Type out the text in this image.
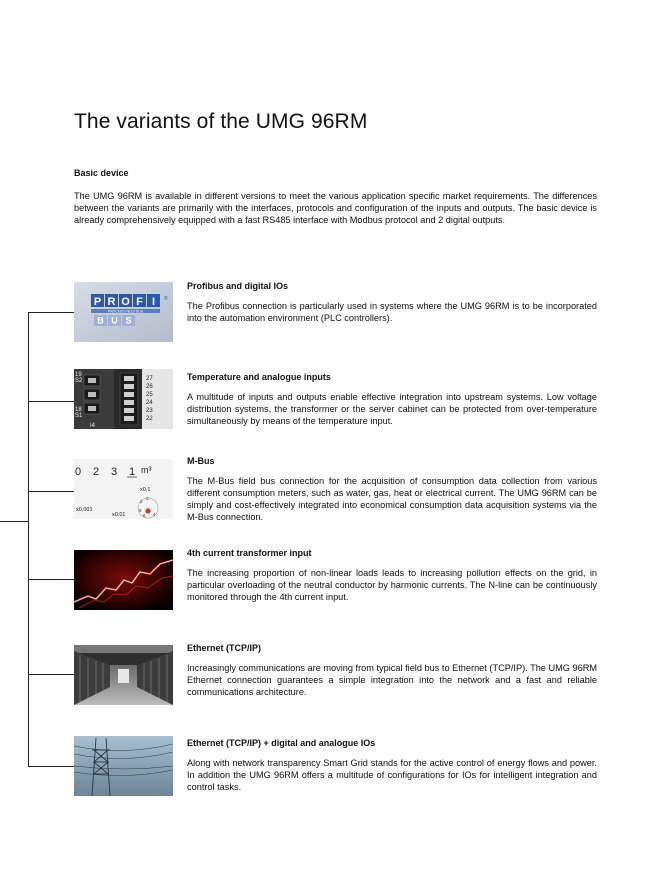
The variants of the UMG 96RM
Basic device

The UMG 96RM is available in different versions to meet the various application specific market requirements. The differences between the variants are primarily with the interfaces, protocols and configuration of the inputs and outputs. The basic device is already comprehensively equipped with a fast RS485 interface with Modbus protocol and 2 digital outputs.

P R O F I ®
PROCESS FIELD BUS
B U S
Profibus and digital IOs

The Profibus connection is particularly used in systems where the UMG 96RM is to be incorporated into the automation environment (PLC controllers).

19
S2
18
S1
I4
27
26
25
24
23
22
Temperature and analogue inputs

A multitude of inputs and outputs enable effective integration into upstream systems. Low voltage distribution systems, the transformer or the server cabinet can be protected from over-temperature simultaneously by means of the temperature input.

0 2 3 1 m³
x0,001
x0,01
x0,1
2
0
8
6 4
M-Bus

The M-Bus field bus connection for the acquisition of consumption data collection from various different consumption meters, such as water, gas, heat or electrical current. The UMG 96RM can be simply and cost-effectively integrated into economical consumption data acquisition systems via the M-Bus connection.

4th current transformer input

The increasing proportion of non-linear loads leads to increasing pollution effects on the grid, in particular overloading of the neutral conductor by harmonic currents. The N-line can be continuously monitored through the 4th current input.

Ethernet (TCP/IP)

Increasingly communications are moving from typical field bus to Ethernet (TCP/IP). The UMG 96RM Ethernet connection guarantees a simple integration into the network and a fast and reliable communications architecture.

Ethernet (TCP/IP) + digital and analogue IOs

Along with network transparency Smart Grid stands for the active control of energy flows and power. In addition the UMG 96RM offers a multitude of configurations for IOs for intelligent integration and control tasks.
